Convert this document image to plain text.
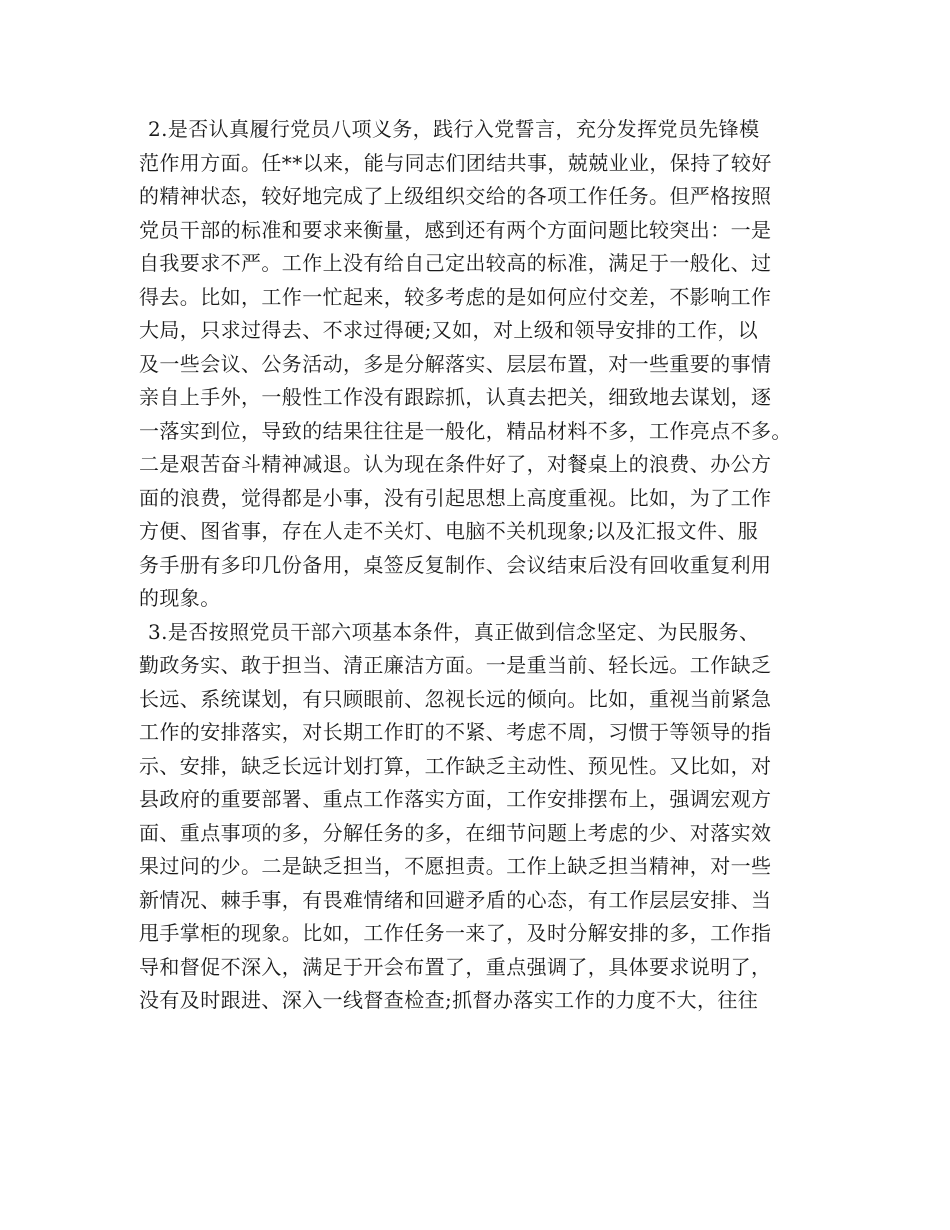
2.是否认真履行党员八项义务，践行入党誓言，充分发挥党员先锋模
范作用方面。任**以来，能与同志们团结共事，兢兢业业，保持了较好
的精神状态，较好地完成了上级组织交给的各项工作任务。但严格按照
党员干部的标准和要求来衡量，感到还有两个方面问题比较突出：一是
自我要求不严。工作上没有给自己定出较高的标准，满足于一般化、过
得去。比如，工作一忙起来，较多考虑的是如何应付交差，不影响工作
大局，只求过得去、不求过得硬;又如，对上级和领导安排的工作，以
及一些会议、公务活动，多是分解落实、层层布置，对一些重要的事情
亲自上手外，一般性工作没有跟踪抓，认真去把关，细致地去谋划，逐
一落实到位，导致的结果往往是一般化，精品材料不多，工作亮点不多。
二是艰苦奋斗精神减退。认为现在条件好了，对餐桌上的浪费、办公方
面的浪费，觉得都是小事，没有引起思想上高度重视。比如，为了工作
方便、图省事，存在人走不关灯、电脑不关机现象;以及汇报文件、服
务手册有多印几份备用，桌签反复制作、会议结束后没有回收重复利用
的现象。
3.是否按照党员干部六项基本条件，真正做到信念坚定、为民服务、
勤政务实、敢于担当、清正廉洁方面。一是重当前、轻长远。工作缺乏
长远、系统谋划，有只顾眼前、忽视长远的倾向。比如，重视当前紧急
工作的安排落实，对长期工作盯的不紧、考虑不周，习惯于等领导的指
示、安排，缺乏长远计划打算，工作缺乏主动性、预见性。又比如，对
县政府的重要部署、重点工作落实方面，工作安排摆布上，强调宏观方
面、重点事项的多，分解任务的多，在细节问题上考虑的少、对落实效
果过问的少。二是缺乏担当，不愿担责。工作上缺乏担当精神，对一些
新情况、棘手事，有畏难情绪和回避矛盾的心态，有工作层层安排、当
甩手掌柜的现象。比如，工作任务一来了，及时分解安排的多，工作指
导和督促不深入，满足于开会布置了，重点强调了，具体要求说明了，
没有及时跟进、深入一线督查检查;抓督办落实工作的力度不大，往往
